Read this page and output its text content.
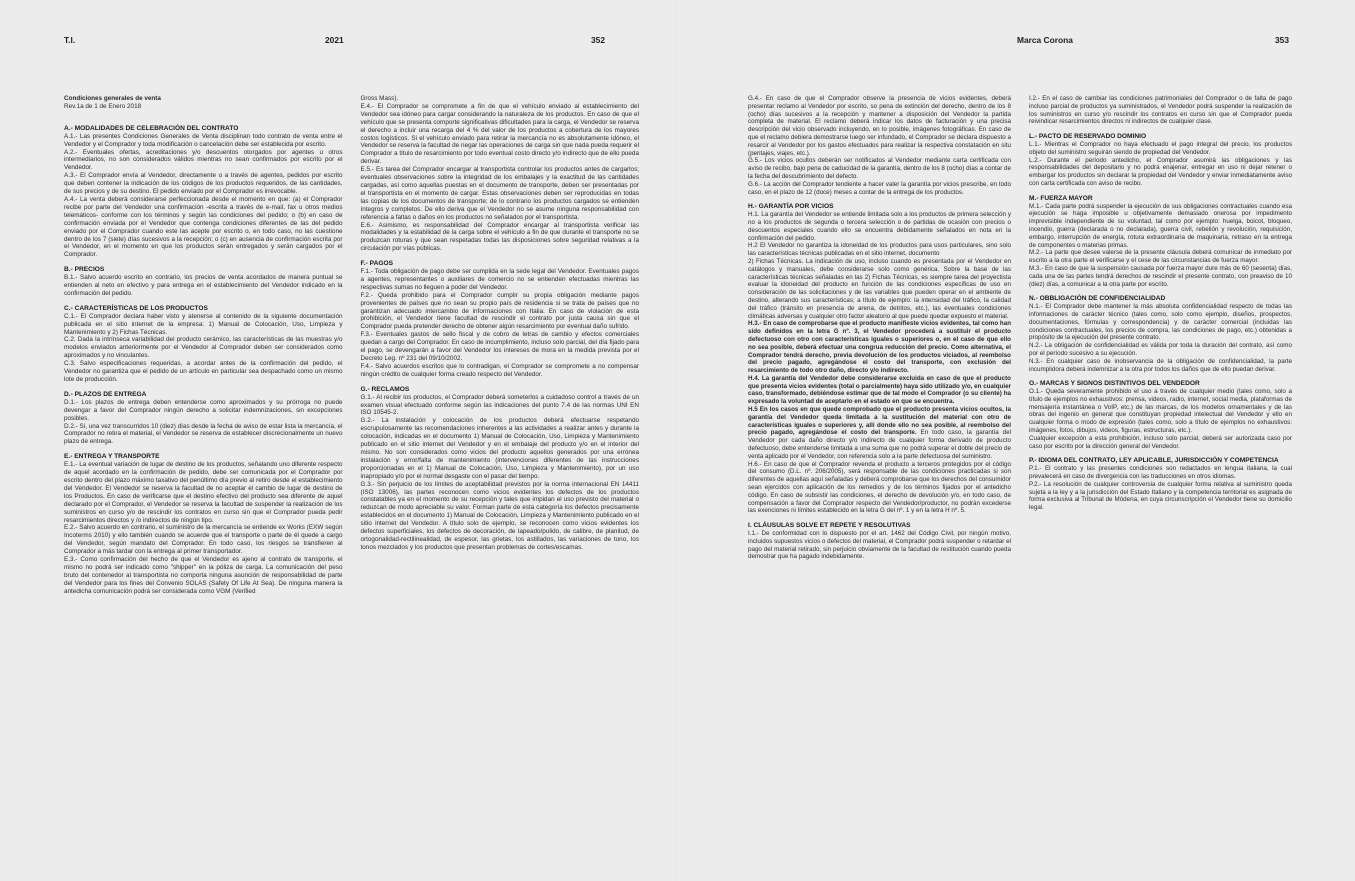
T.I.	2021	352
Condiciones generales de venta
Rev.1a de 1 de Enero 2018
A.- MODALIDADES DE CELEBRACIÓN DEL CONTRATO

A.1.- Las presentes Condiciones Generales de Venta disciplinan todo contrato de venta entre el Vendedor y el Comprador y toda modificación o cancelación debe ser establecida por escrito.

A.2.- Eventuales ofertas, acreditaciones y/o descuentos otorgados por agentes u otros intermediarios, no son considerados válidos mientras no sean confirmados por escrito por el Vendedor.

A.3.- El Comprador envía al Vendedor, directamente o a través de agentes, pedidos por escrito que deben contener la indicación de los códigos de los productos requeridos, de las cantidades, de sus precios y de su destino. El pedido enviado por el Comprador es irrevocable.

A.4.- La venta deberá considerarse perfeccionada desde el momento en que: (a) el Comprador recibe por parte del Vendedor una confirmación -escrita a través de e-mail, fax u otros medios telemáticos- conforme con los términos y según las condiciones del pedido; o (b) en caso de confirmación enviada por el Vendedor que contenga condiciones diferentes de las del pedido enviado por el Comprador cuando este las acepte por escrito o, en todo caso, no las cuestione dentro de los 7 (siete) días sucesivos a la recepción; o (c) en ausencia de confirmación escrita por el Vendedor, en el momento en que los productos serán entregados y serán cargados por el Comprador.

B.- PRECIOS

B.1.- Salvo acuerdo escrito en contrario, los precios de venta acordados de manera puntual se entienden al neto en efectivo y para entrega en el establecimiento del Vendedor indicado en la confirmación del pedido.

C.- CARACTERÍSTICAS DE LOS PRODUCTOS

C.1.- El Comprador declara haber visto y atenerse al contenido de la siguiente documentación publicada en el sitio internet de la empresa: 1) Manual de Colocación, Uso, Limpieza y Mantenimiento y 2) Fichas Técnicas.

C.2. Dada la intrínseca variabilidad del producto cerámico, las características de las muestras y/o modelos enviados anteriormente por el Vendedor al Comprador deben ser considerados como aproximados y no vinculantes.

C.3. Salvo especificaciones requeridas, a acordar antes de la confirmación del pedido, el Vendedor no garantiza que el pedido de un artículo en particular sea despachado como un mismo lote de producción.

D.- PLAZOS DE ENTREGA

D.1.- Los plazos de entrega deben entenderse como aproximados y su prórroga no puede devengar a favor del Comprador ningún derecho a solicitar indemnizaciones, sin excepciones posibles.

D.2.- Si, una vez transcurridos 10 (diez) días desde la fecha de aviso de estar lista la mercancía, el Comprador no retira el material, el Vendedor se reserva de establecer discrecionalmente un nuevo plazo de entrega.

E.- ENTREGA Y TRANSPORTE

E.1.- La eventual variación de lugar de destino de los productos, señalando uno diferente respecto de aquel acordado en la confirmación de pedido, debe ser comunicada por el Comprador por escrito dentro del plazo máximo taxativo del penúltimo día previo al retiro desde el establecimiento del Vendedor. El Vendedor se reserva la facultad de no aceptar el cambio de lugar de destino de los Productos. En caso de verificarse que el destino efectivo del producto sea diferente de aquel declarado por el Comprador, el Vendedor se reserva la facultad de suspender la realización de los suministros en curso y/o de rescindir los contratos en curso sin que el Comprador pueda pedir resarcimientos directos y /o indirectos de ningún tipo.

E.2.- Salvo acuerdo en contrario, el suministro de la mercancía se entiende ex Works (EXW según Incoterms 2010) y ello también cuando se acuerde que el transporte o parte de él quede a cargo del Vendedor, según mandato del Comprador. En todo caso, los riesgos se transfieren al Comprador a más tardar con la entrega al primer transportador.

E.3.- Como confirmación del hecho de que el Vendedor es ajeno al contrato de transporte, el mismo no podrá ser indicado como "shipper" en la póliza de carga. La comunicación del peso bruto del contenedor al transportista no comporta ninguna asunción de responsabilidad de parte del Vendedor para los fines del Convenio SOLAS (Safety Of Life At Sea). De ninguna manera la antedicha comunicación podrá ser considerada como VGM (Verified

Gross Mass).

E.4.- El Comprador se compromete a fin de que el vehículo enviado al establecimiento del Vendedor sea idóneo para cargar considerando la naturaleza de los productos. En caso de que el vehículo que se presenta comporte significativas dificultades para la carga, el Vendedor se reserva el derecho a incluir una recarga del 4 % del valor de los productos a cobertura de los mayores costos logísticos. Si el vehículo enviado para retirar la mercancía no es absolutamente idóneo, el Vendedor se reserva la facultad de negar las operaciones de carga sin que nada pueda requerir el Comprador a título de resarcimiento por todo eventual costo directo y/o indirecto que de ello pueda derivar.

E.5.- Es tarea del Comprador encargar al transportista controlar los productos antes de cargarlos; eventuales observaciones sobre la integridad de los embalajes y la exactitud de las cantidades cargadas, así como aquellas puestas en el documento de transporte, deben ser presentadas por el transportista en el momento de cargar. Estas observaciones deben ser reproducidas en todas las copias de los documentos de transporte; de lo contrario los productos cargados se entienden íntegros y completos. De ello deriva que el Vendedor no se asume ninguna responsabilidad con referencia a faltas o daños en los productos no señalados por el transportista.

E.6.- Asimismo, es responsabilidad del Comprador encargar al transportista verificar las modalidades y la estabilidad de la carga sobre el vehículo a fin de que durante el transporte no se produzcan roturas y que sean respetadas todas las disposiciones sobre seguridad relativas a la circulación por vías públicas.

F.- PAGOS

F.1.- Toda obligación de pago debe ser cumplida en la sede legal del Vendedor. Eventuales pagos a agentes, representantes o auxiliares de comercio no se entienden efectuadas mientras las respectivas sumas no lleguen a poder del Vendedor.

F.2.- Queda prohibido para el Comprador cumplir su propia obligación mediante pagos provenientes de países que no sean su propio país de residencia si se trata de países que no garantizan adecuado intercambio de informaciones con Italia. En caso de violación de esta prohibición, el Vendedor tiene facultad de rescindir el contrato por justa causa sin que el Comprador pueda pretender derecho de obtener algún resarcimiento por eventual daño sufrido.

F.3.- Eventuales gastos de sello fiscal y de cobro de letras de cambio y efectos comerciales quedan a cargo del Comprador. En caso de incumplimiento, incluso solo parcial, del día fijado para el pago, se devengarán a favor del Vendedor los intereses de mora en la medida prevista por el Decreto Leg. nº 231 del 09/10/2002.

F.4.- Salvo acuerdos escritos que lo contradigan, el Comprador se compromete a no compensar ningún crédito de cualquier forma creado respecto del Vendedor.

G.- RECLAMOS

G.1.- Al recibir los productos, el Comprador deberá someterlos a cuidadoso control a través de un examen visual efectuado conforme según las indicaciones del punto 7.4 de las normas UNI EN ISO 10545-2.

G.2.- La instalación y colocación de los productos deberá efectuarse respetando escrupulosamente las recomendaciones inherentes a las actividades a realizar antes y durante la colocación, indicadas en el documento 1) Manual de Colocación, Uso, Limpieza y Mantenimiento publicado en el sitio internet del Vendedor y en el embalaje del producto y/o en el interior del mismo. No son considerados como vicios del producto aquellos generados por una errónea instalación y error/falta de mantenimiento (intervenciones diferentes de las instrucciones proporcionadas en el 1) Manual de Colocación, Uso, Limpieza y Mantenimiento), por un uso inapropiado y/o por el normal desgaste con el pasar del tiempo.

G.3.- Sin perjuicio de los límites de aceptabilidad previstos por la norma internacional EN 14411 (ISO 13006), las partes reconocen como vicios evidentes los defectos de los productos constatables ya en el momento de su recepción y tales que impidan el uso previsto del material o reduzcan de modo apreciable su valor. Forman parte de esta categoría los defectos precisamente establecidos en el documento 1) Manual de Colocación, Limpieza y Mantenimiento publicado en el sitio internet del Vendedor. A título solo de ejemplo, se reconocen como vicios evidentes los defectos superficiales, los defectos de decoración, de lapeado/pulido, de calibre, de planitud, de ortogonalidad-rectilinealidad, de espesor, las grietas, los astillados, las variaciones de tono, los tonos mezclados y los productos que presentan problemas de cortes/escamas.

Marca Corona	353

G.4.- En caso de que el Comprador observe la presencia de vicios evidentes, deberá presentar reclamo al Vendedor por escrito, so pena de extinción del derecho, dentro de los 8 (ocho) días sucesivos a la recepción y mantener a disposición del Vendedor la partida completa de material. El reclamo deberá indicar los datos de facturación y una precisa descripción del vicio observado incluyendo, en lo posible, imágenes fotográficas. En caso de que el reclamo debiera demostrarse luego ser infundado, el Comprador se declara dispuesto a resarcir al Vendedor por los gastos efectuados para realizar la respectiva constatación en situ (peritajes, viajes, etc.).

G.5.- Los vicios ocultos deberán ser notificados al Vendedor mediante carta certificada con aviso de recibo, bajo pena de caducidad de la garantía, dentro de los 8 (ocho) días a contar de la fecha del descubrimiento del defecto.

G.6.- La acción del Comprador tendiente a hacer valer la garantía por vicios prescribe, en todo caso, en el plazo de 12 (doce) meses a contar de la entrega de los productos.

H.- GARANTÍA POR VICIOS

H.1. La garantía del Vendedor se entiende limitada solo a los productos de primera selección y no a los productos de segunda o tercera selección o de partidas de ocasión con precios o descuentos especiales cuando ello se encuentra debidamente señalados en nota en la confirmación del pedido.

H.2 El Vendedor no garantiza la idoneidad de los productos para usos particulares, sino solo las características técnicas publicadas en el sitio internet, documento

2) Fichas Técnicas. La indicación de uso, incluso cuando es presentada por el Vendedor en catálogos y manuales, debe considerarse solo como genérica. Sobre la base de las características técnicas señaladas en las 2) Fichas Técnicas, es siempre tarea del proyectista evaluar la idoneidad del producto en función de las condiciones específicas de uso en consideración de las solicitaciones y de las variables que pueden operar en el ambiente de destino, alterando sus características; a título de ejemplo: la intensidad del tráfico, la calidad del tráfico (tránsito en presencia de arena, de detritos, etc.), las eventuales condiciones climáticas adversas y cualquier otro factor aleatorio al que puede quedar expuesto el material.

H.3.- En caso de comprobarse que el producto manifieste vicios evidentes, tal como han sido definidos en la letra G nº. 3, el Vendedor procederá a sustituir el producto defectuoso con otro con características iguales o superiores o, en el caso de que ello no sea posible, deberá efectuar una congrua reducción del precio. Como alternativa, el Comprador tendrá derecho, previa devolución de los productos viciados, al reembolso del precio pagado, agregándose el costo del transporte, con exclusión del resarcimiento de todo otro daño, directo y/o indirecto.

H.4. La garantía del Vendedor debe considerarse excluida en caso de que el producto que presenta vicios evidentes (total o parcialmente) haya sido utilizado y/o, en cualquier caso, transformado, debiéndose estimar que de tal modo el Comprador (o su cliente) ha expresado la voluntad de aceptarlo en el estado en que se encuentra.

H.5 En los casos en que quede comprobado que el producto presenta vicios ocultos, la garantía del Vendedor queda limitada a la sustitución del material con otro de características iguales o superiores y, allí donde ello no sea posible, al reembolso del precio pagado, agregándose el costo del transporte. En todo caso, la garantía del Vendedor por cada daño directo y/o indirecto de cualquier forma derivado de producto defectuoso, debe entenderse limitada a una suma que no podrá superar el doble del precio de venta aplicado por el Vendedor, con referencia solo a la parte defectuosa del suministro.

H.6.- En caso de que el Comprador revenda el producto a terceros protegidos por el código del consumo (D.L. nº. 206/2005), será responsable de las condiciones practicadas si son diferentes de aquellas aquí señaladas y deberá comprobarse que los derechos del consumidor sean ejercidos con aplicación de los remedios y de los términos fijados por el antedicho código. En caso de subsistir las condiciones, el derecho de devolución y/o, en todo caso, de compensación a favor del Comprador respecto del Vendedor/productor, no podrán excederse las exenciones ni límites establecido en la letra G del nº. 1 y en la letra H nº. 5.

I. CLÁUSULAS SOLVE ET REPETE Y RESOLUTIVAS

I.1.- De conformidad con lo dispuesto por el art. 1462 del Código Civil, por ningún motivo, incluidos supuestos vicios o defectos del material, el Comprador podrá suspender o retardar el pago del material retirado, sin perjuicio obviamente de la facultad de restitución cuando pueda demostrar que ha pagado indebidamente.

I.2.- En el caso de cambiar las condiciones patrimoniales del Comprador o de falta de pago incluso parcial de productos ya suministrados, el Vendedor podrá suspender la realización de los suministros en curso y/o rescindir los contratos en curso sin que el Comprador pueda reivindicar resarcimientos directos ni indirectos de cualquier clase.

L.- PACTO DE RESERVADO DOMINIO

L.1.- Mientras el Comprador no haya efectuado el pago integral del precio, los productos objeto del suministro seguirán siendo de propiedad del Vendedor.

L.2.- Durante el período antedicho, el Comprador asumirá las obligaciones y las responsabilidades del depositario y no podrá enajenar, entregar en uso ni dejar retener o embargar los productos sin declarar la propiedad del Vendedor y enviar inmediatamente aviso con carta certificada con aviso de recibo.

M.- FUERZA MAYOR

M.1.- Cada parte podrá suspender la ejecución de sus obligaciones contractuales cuando esa ejecución se haga imposible u objetivamente demasiado onerosa por impedimento imprevisible independiente de su voluntad, tal como por ejemplo: huelga, boicot, bloqueo, incendio, guerra (declarada o no declarada), guerra civil, rebelión y revolución, requisición, embargo, interrupción de energía, rotura extraordinaria de maquinaria, retraso en la entrega de componentes o materias primas.

M.2.- La parte que desee valerse de la presente cláusula deberá comunicar de inmediato por escrito a la otra parte el verificarse y el cese de las circunstancias de fuerza mayor.

M.3.- En caso de que la suspensión causada por fuerza mayor dure más de 60 (sesenta) días, cada una de las partes tendrá derechos de rescindir el presente contrato, con preaviso de 10 (diez) días, a comunicar a la otra parte por escrito.

N.- OBBLIGACIÓN DE CONFIDENCIALIDAD

N.1.- El Comprador debe mantener la más absoluta confidencialidad respecto de todas las informaciones de carácter técnico (tales como, solo como ejemplo, diseños, prospectos, documentaciones, fórmulas y correspondencia) y de carácter comercial (incluidas las condiciones contractuales, los precios de compra, las condiciones de pago, etc.) obtenidas a propósito de la ejecución del presente contrato.

N.2.- La obligación de confidencialidad es válida por toda la duración del contrato, así como por el período sucesivo a su ejecución.

N.3.- En cualquier caso de inobservancia de la obligación de confidencialidad, la parte incumplidora deberá indemnizar a la otra por todos los daños que de ello puedan derivar.

O.- MARCAS Y SIGNOS DISTINTIVOS DEL VENDEDOR

O.1.- Queda severamente prohibido el uso a través de cualquier medio (tales como, solo a título de ejemplos no exhaustivos: prensa, videos, radio, internet, social media, plataformas de mensajería instantánea o VoIP, etc.) de las marcas, de los modelos ornamentales y de las obras del ingenio en general que constituyan propiedad intelectual del Vendedor y ello en cualquier forma o modo de expresión (tales como, solo a título de ejemplos no exhaustivos: imágenes, fotos, dibujos, videos, figuras, estructuras, etc.).

Cualquier excepción a esta prohibición, incluso solo parcial, deberá ser autorizada caso por caso por escrito por la dirección general del Vendedor.

P.- IDIOMA DEL CONTRATO, LEY APLICABLE, JURISDICCIÓN Y COMPETENCIA

P.1.- El contrato y las presentes condiciones son redactados en lengua italiana, la cual prevalecerá en caso de divergencia con las traducciones en otros idiomas.

P.2.- La resolución de cualquier controversia de cualquier forma relativa al suministro queda sujeta a la ley y a la jurisdicción del Estado Italiano y la competencia territorial es asignada de forma exclusiva al Tribunal de Módena, en cuya circunscripción el Vendedor tiene su domicilio legal.
